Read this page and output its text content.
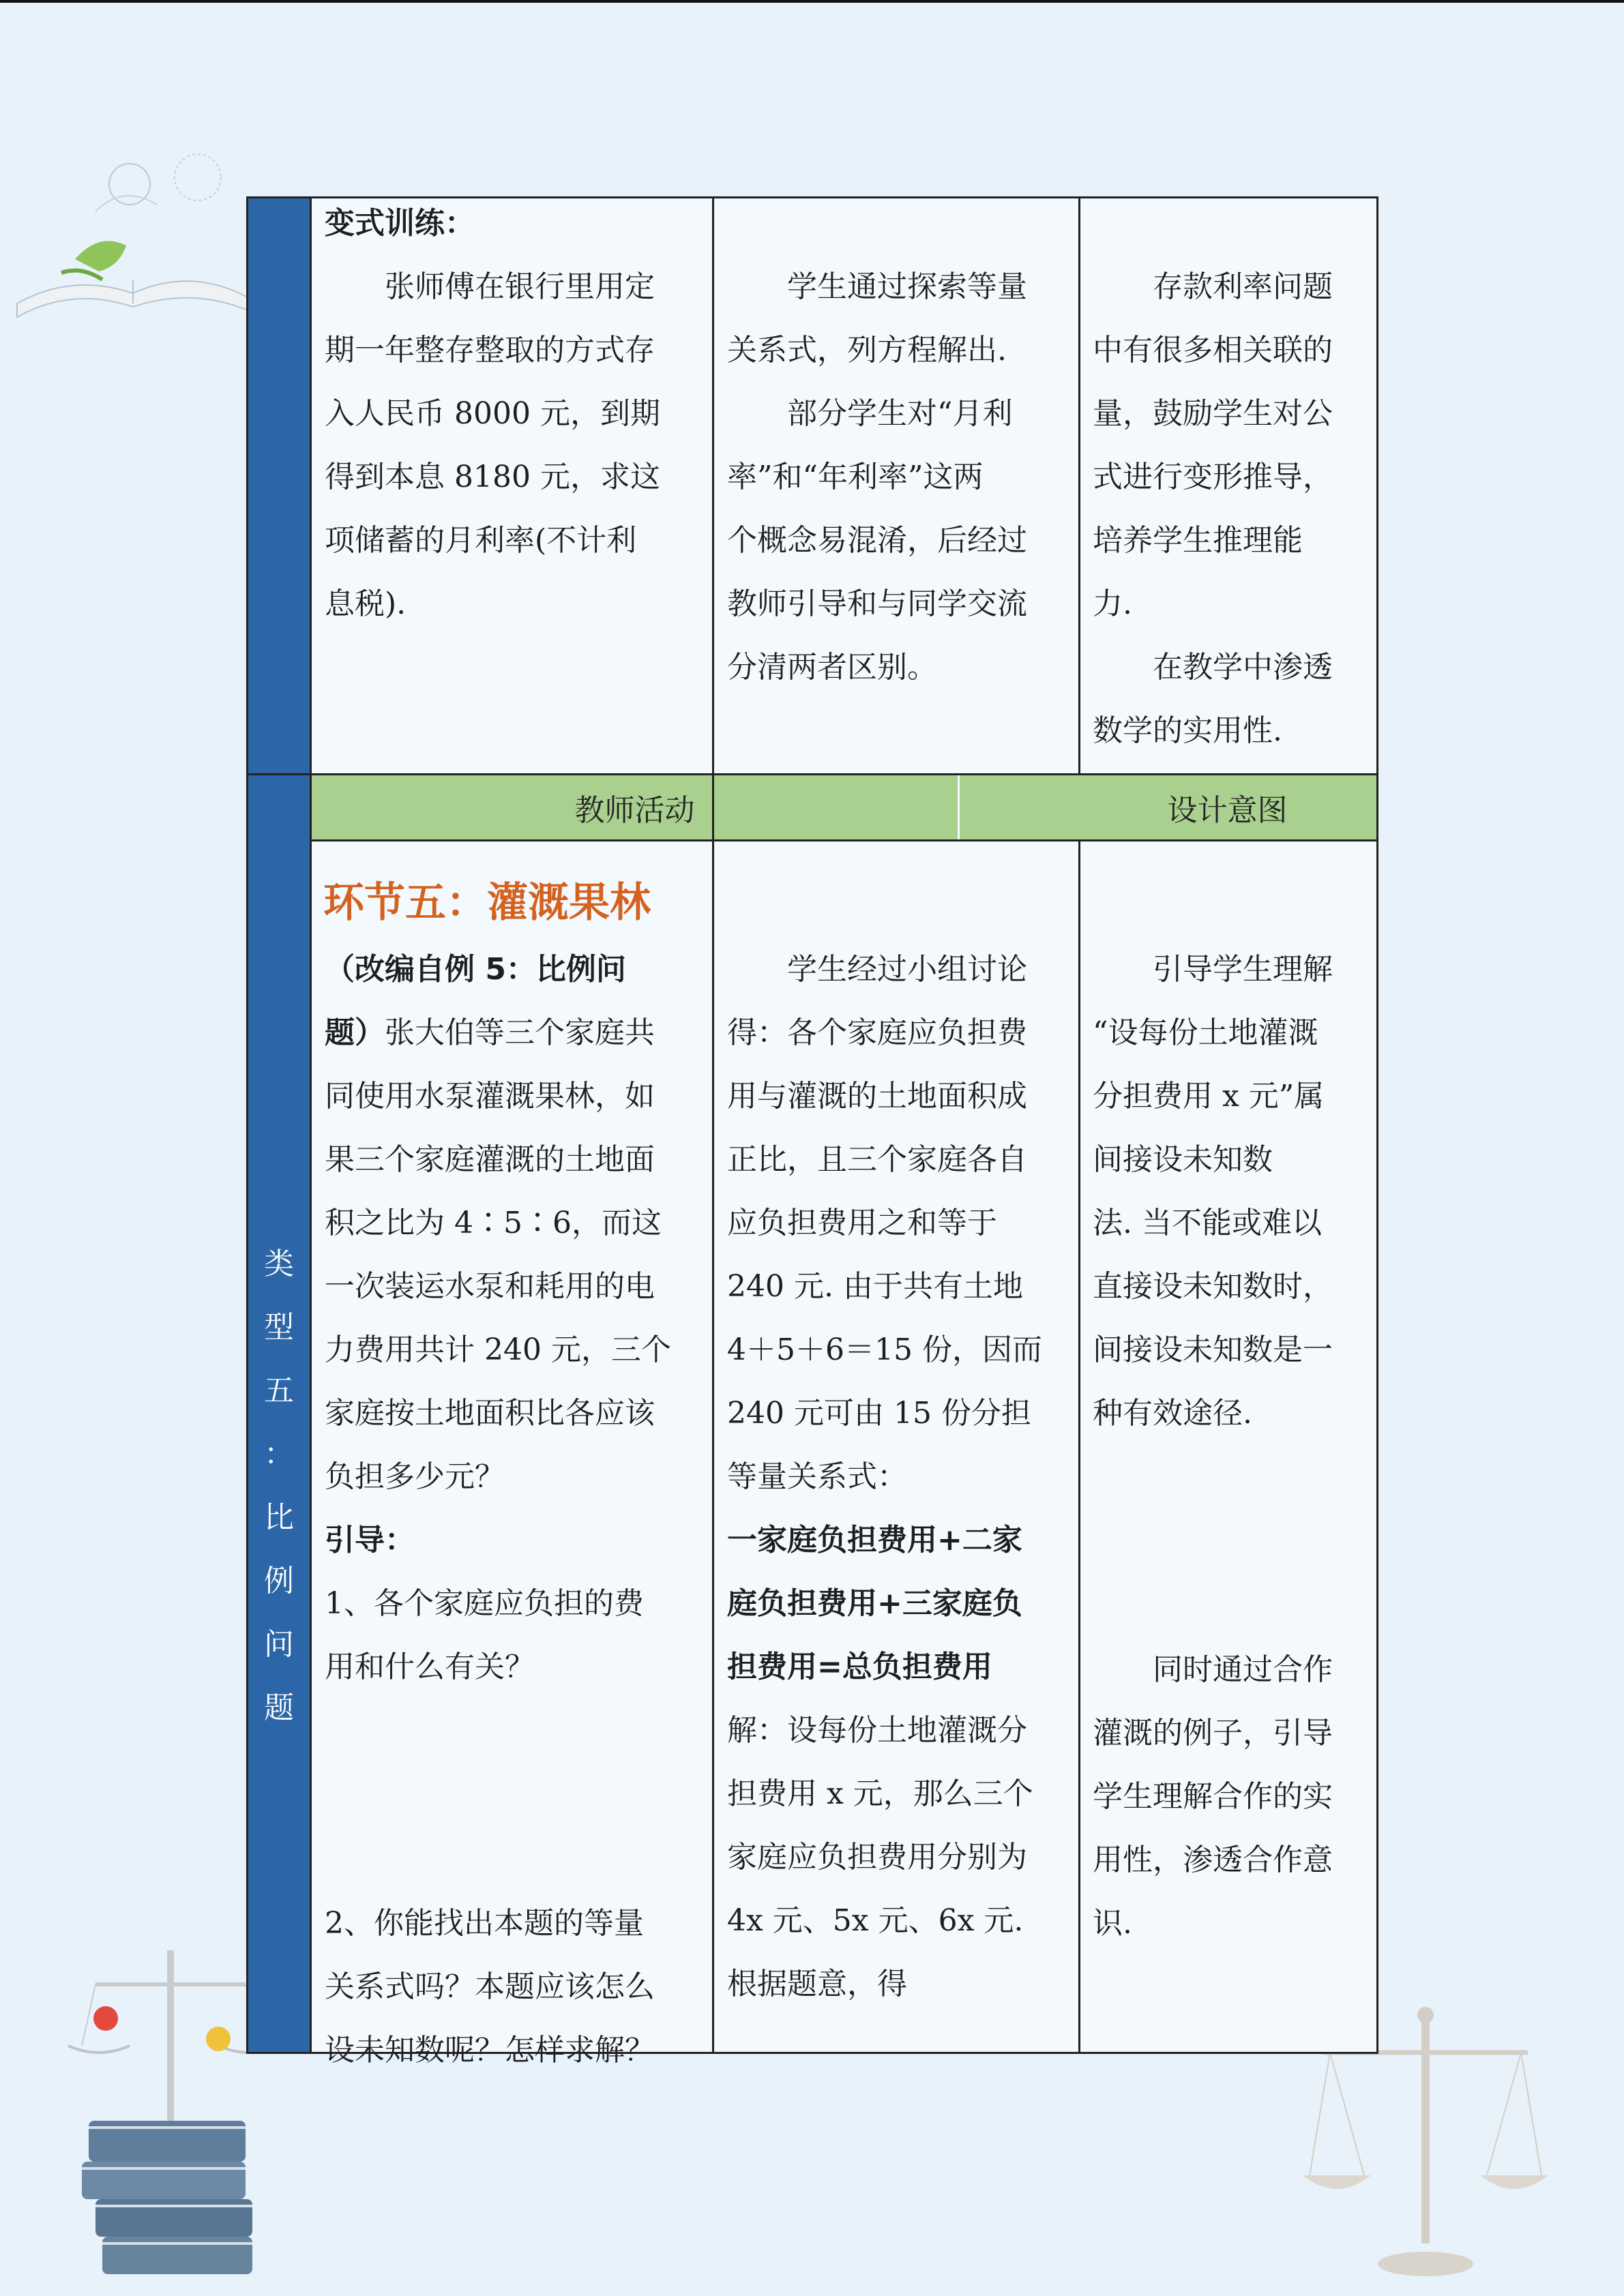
类
型
五
：
比
例
问
题
教师活动
变式训练：
　　张师傅在银行里用定
期一年整存整取的方式存
入人民币 8000 元，到期
得到本息 8180 元，求这
项储蓄的月利率(不计利
息税).
　　学生通过探索等量
关系式，列方程解出.
　　部分学生对“月利
率”和“年利率”这两
个概念易混淆，后经过
教师引导和与同学交流
分清两者区别。
　　存款利率问题
中有很多相关联的
量，鼓励学生对公
式进行变形推导，
培养学生推理能
力.
　　在教学中渗透
数学的实用性.
环节五：灌溉果林
（改编自例 5：比例问
题）张大伯等三个家庭共
同使用水泵灌溉果林，如
果三个家庭灌溉的土地面
积之比为 4∶5∶6，而这
一次装运水泵和耗用的电
力费用共计 240 元，三个
家庭按土地面积比各应该
负担多少元？
引导：
1、各个家庭应负担的费
用和什么有关？
2、你能找出本题的等量
关系式吗？本题应该怎么
设未知数呢？怎样求解？
　　学生经过小组讨论
得：各个家庭应负担费
用与灌溉的土地面积成
正比，且三个家庭各自
应负担费用之和等于
240 元. 由于共有土地
4＋5＋6＝15 份，因而
240 元可由 15 份分担
等量关系式：
一家庭负担费用+二家
庭负担费用+三家庭负
担费用=总负担费用
解：设每份土地灌溉分
担费用 x 元，那么三个
家庭应负担费用分别为
4x 元、5x 元、6x 元.
根据题意，得
　　引导学生理解
“设每份土地灌溉
分担费用 x 元”属
间接设未知数
法. 当不能或难以
直接设未知数时，
间接设未知数是一
种有效途径.
　　同时通过合作
灌溉的例子，引导
学生理解合作的实
用性，渗透合作意
识.
设计意图
